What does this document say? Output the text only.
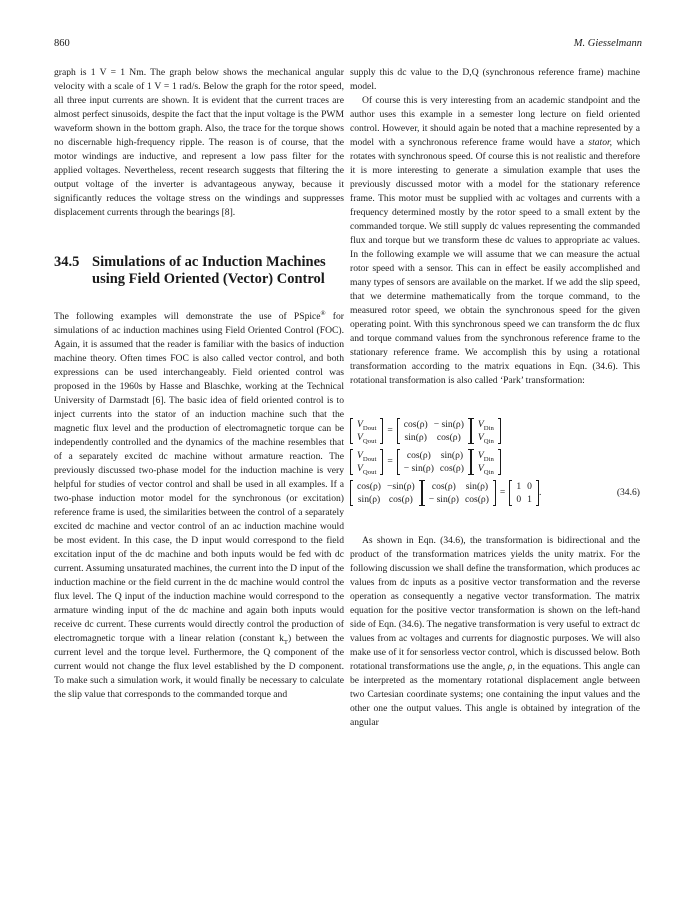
860	M. Giesselmann

graph is 1 V = 1 Nm. The graph below shows the mechanical angular velocity with a scale of 1 V = 1 rad/s. Below the graph for the rotor speed, all three input currents are shown. It is evident that the current traces are almost perfect sinusoids, despite the fact that the input voltage is the PWM waveform shown in the bottom graph. Also, the trace for the torque shows no discernable high-frequency ripple. The reason is of course, that the motor windings are inductive, and represent a low pass filter for the applied voltages. Nevertheless, recent research suggests that filtering the output voltage of the inverter is advantageous anyway, because it significantly reduces the voltage stress on the windings and suppresses displacement currents through the bearings [8].

34.5 Simulations of ac Induction Machines using Field Oriented (Vector) Control

The following examples will demonstrate the use of PSpice® for simulations of ac induction machines using Field Oriented Control (FOC). Again, it is assumed that the reader is familiar with the basics of induction machine theory. Often times FOC is also called vector control, and both expressions can be used interchangeably. Field oriented control was proposed in the 1960s by Hasse and Blaschke, working at the Technical University of Darmstadt [6]. The basic idea of field oriented control is to inject currents into the stator of an induction machine such that the magnetic flux level and the production of electromagnetic torque can be independently controlled and the dynamics of the machine resembles that of a separately excited dc machine without armature reaction. The previously discussed two-phase model for the induction machine is very helpful for studies of vector control and shall be used in all examples. If a two-phase induction motor model for the synchronous (or excitation) reference frame is used, the similarities between the control of a separately excited dc machine and vector control of an ac induction machine would be most evident. In this case, the D input would correspond to the field excitation input of the dc machine and both inputs would be fed with dc current. Assuming unsaturated machines, the current into the D input of the induction machine or the field current in the dc machine would control the flux level. The Q input of the induction machine would correspond to the armature winding input of the dc machine and again both inputs would receive dc current. These currents would directly control the production of electromagnetic torque with a linear relation (constant $k_T$) between the current level and the torque level. Furthermore, the Q component of the current would not change the flux level established by the D component. To make such a simulation work, it would finally be necessary to calculate the slip value that corresponds to the commanded torque and

supply this dc value to the D,Q (synchronous reference frame) machine model.

Of course this is very interesting from an academic standpoint and the author uses this example in a semester long lecture on field oriented control. However, it should again be noted that a machine represented by a model with a synchronous reference frame would have a stator, which rotates with synchronous speed. Of course this is not realistic and therefore it is more interesting to generate a simulation example that uses the previously discussed motor with a model for the stationary reference frame. This motor must be supplied with ac voltages and currents with a frequency determined mostly by the rotor speed to a small extent by the commanded torque. We still supply dc values representing the commanded flux and torque but we transform these dc values to appropriate ac values. In the following example we will assume that we can measure the actual rotor speed with a sensor. This can in effect be easily accomplished and many types of sensors are available on the market. If we add the slip speed, that we determine mathematically from the torque command, to the measured rotor speed, we obtain the synchronous speed for the given operating point. With this synchronous speed we can transform the dc flux and torque command values from the synchronous reference frame to the stationary reference frame. We accomplish this by using a rotational transformation according to the matrix equations in Eqn. (34.6). This rotational transformation is also called ‘Park’ transformation:

$V_{Dout}$
$V_{Qout}$
=
cos(ρ)	− sin(ρ)
sin(ρ)	cos(ρ)
$V_{Din}$
$V_{Qin}$
$V_{Dout}$
$V_{Qout}$
=
cos(ρ)	sin(ρ)
− sin(ρ)	cos(ρ)
$V_{Din}$
$V_{Qin}$
cos(ρ)	−sin(ρ)
sin(ρ)	cos(ρ)
cos(ρ)	sin(ρ)
− sin(ρ)	cos(ρ)
=
1	0
0	1
.	(34.6)

As shown in Eqn. (34.6), the transformation is bidirectional and the product of the transformation matrices yields the unity matrix. For the following discussion we shall define the transformation, which produces ac values from dc inputs as a positive vector transformation and the reverse operation as consequently a negative vector transformation. The matrix equation for the positive vector transformation is shown on the left-hand side of Eqn. (34.6). The negative transformation is very useful to extract dc values from ac voltages and currents for diagnostic purposes. We will also make use of it for sensorless vector control, which is discussed below. Both rotational transformations use the angle, ρ, in the equations. This angle can be interpreted as the momentary rotational displacement angle between two Cartesian coordinate systems; one containing the input values and the other one the output values. This angle is obtained by integration of the angular
